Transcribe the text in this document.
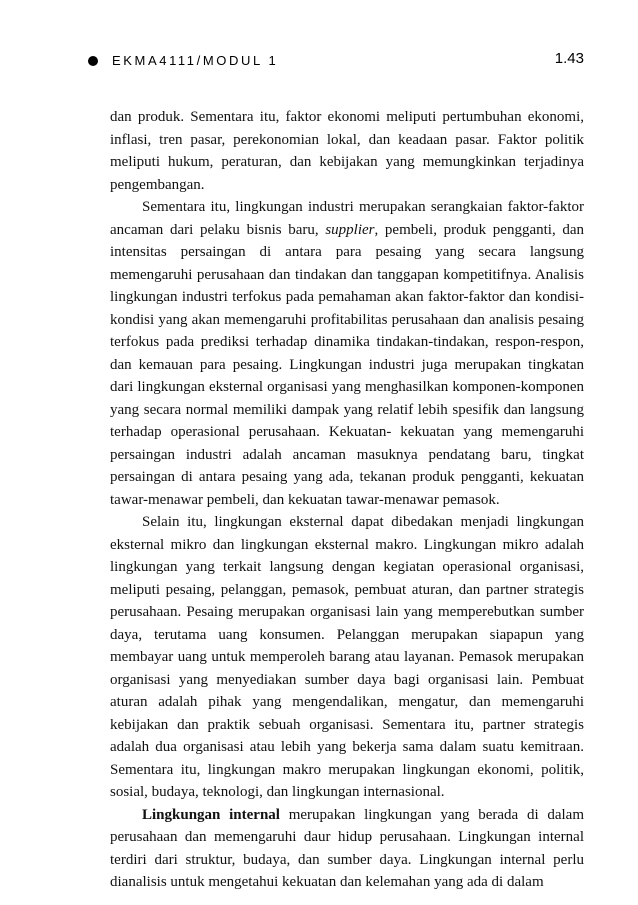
EKMA4111/MODUL 1	1.43

dan produk. Sementara itu, faktor ekonomi meliputi pertumbuhan ekonomi, inflasi, tren pasar, perekonomian lokal, dan keadaan pasar. Faktor politik meliputi hukum, peraturan, dan kebijakan yang memungkinkan terjadinya pengembangan.

Sementara itu, lingkungan industri merupakan serangkaian faktor-faktor ancaman dari pelaku bisnis baru, supplier, pembeli, produk pengganti, dan intensitas persaingan di antara para pesaing yang secara langsung memengaruhi perusahaan dan tindakan dan tanggapan kompetitifnya. Analisis lingkungan industri terfokus pada pemahaman akan faktor-faktor dan kondisi-kondisi yang akan memengaruhi profitabilitas perusahaan dan analisis pesaing terfokus pada prediksi terhadap dinamika tindakan-tindakan, respon-respon, dan kemauan para pesaing. Lingkungan industri juga merupakan tingkatan dari lingkungan eksternal organisasi yang menghasilkan komponen-komponen yang secara normal memiliki dampak yang relatif lebih spesifik dan langsung terhadap operasional perusahaan. Kekuatan- kekuatan yang memengaruhi persaingan industri adalah ancaman masuknya pendatang baru, tingkat persaingan di antara pesaing yang ada, tekanan produk pengganti, kekuatan tawar-menawar pembeli, dan kekuatan tawar-menawar pemasok.

Selain itu, lingkungan eksternal dapat dibedakan menjadi lingkungan eksternal mikro dan lingkungan eksternal makro. Lingkungan mikro adalah lingkungan yang terkait langsung dengan kegiatan operasional organisasi, meliputi pesaing, pelanggan, pemasok, pembuat aturan, dan partner strategis perusahaan. Pesaing merupakan organisasi lain yang memperebutkan sumber daya, terutama uang konsumen. Pelanggan merupakan siapapun yang membayar uang untuk memperoleh barang atau layanan. Pemasok merupakan organisasi yang menyediakan sumber daya bagi organisasi lain. Pembuat aturan adalah pihak yang mengendalikan, mengatur, dan memengaruhi kebijakan dan praktik sebuah organisasi. Sementara itu, partner strategis adalah dua organisasi atau lebih yang bekerja sama dalam suatu kemitraan. Sementara itu, lingkungan makro merupakan lingkungan ekonomi, politik, sosial, budaya, teknologi, dan lingkungan internasional.

Lingkungan internal merupakan lingkungan yang berada di dalam perusahaan dan memengaruhi daur hidup perusahaan. Lingkungan internal terdiri dari struktur, budaya, dan sumber daya. Lingkungan internal perlu dianalisis untuk mengetahui kekuatan dan kelemahan yang ada di dalam
